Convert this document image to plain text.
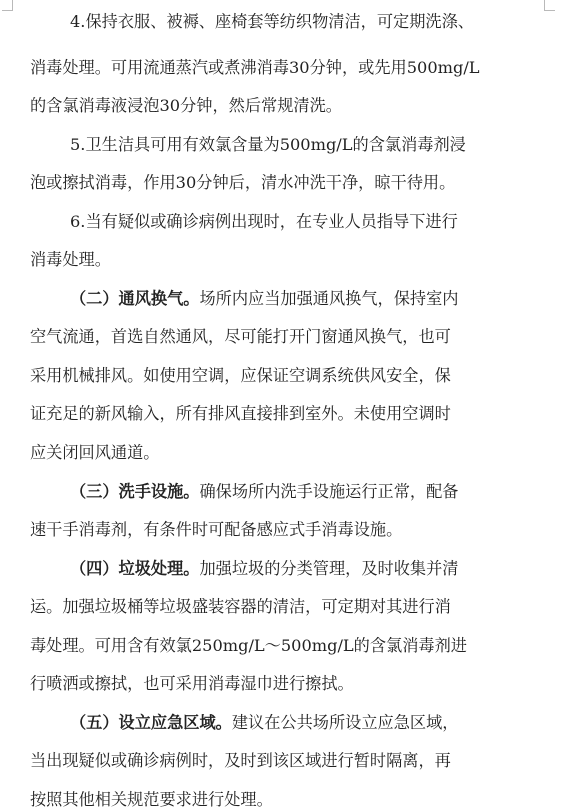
4.保持衣服、被褥、座椅套等纺织物清洁，可定期洗涤、
消毒处理。可用流通蒸汽或煮沸消毒30分钟，或先用500mg/L
的含氯消毒液浸泡30分钟，然后常规清洗。
5.卫生洁具可用有效氯含量为500mg/L的含氯消毒剂浸
泡或擦拭消毒，作用30分钟后，清水冲洗干净，晾干待用。
6.当有疑似或确诊病例出现时，在专业人员指导下进行
消毒处理。
（二）通风换气。场所内应当加强通风换气，保持室内
空气流通，首选自然通风，尽可能打开门窗通风换气，也可
采用机械排风。如使用空调，应保证空调系统供风安全，保
证充足的新风输入，所有排风直接排到室外。未使用空调时
应关闭回风通道。
（三）洗手设施。确保场所内洗手设施运行正常，配备
速干手消毒剂，有条件时可配备感应式手消毒设施。
（四）垃圾处理。加强垃圾的分类管理，及时收集并清
运。加强垃圾桶等垃圾盛装容器的清洁，可定期对其进行消
毒处理。可用含有效氯250mg/L～500mg/L的含氯消毒剂进
行喷洒或擦拭，也可采用消毒湿巾进行擦拭。
（五）设立应急区域。建议在公共场所设立应急区域，
当出现疑似或确诊病例时，及时到该区域进行暂时隔离，再
按照其他相关规范要求进行处理。
